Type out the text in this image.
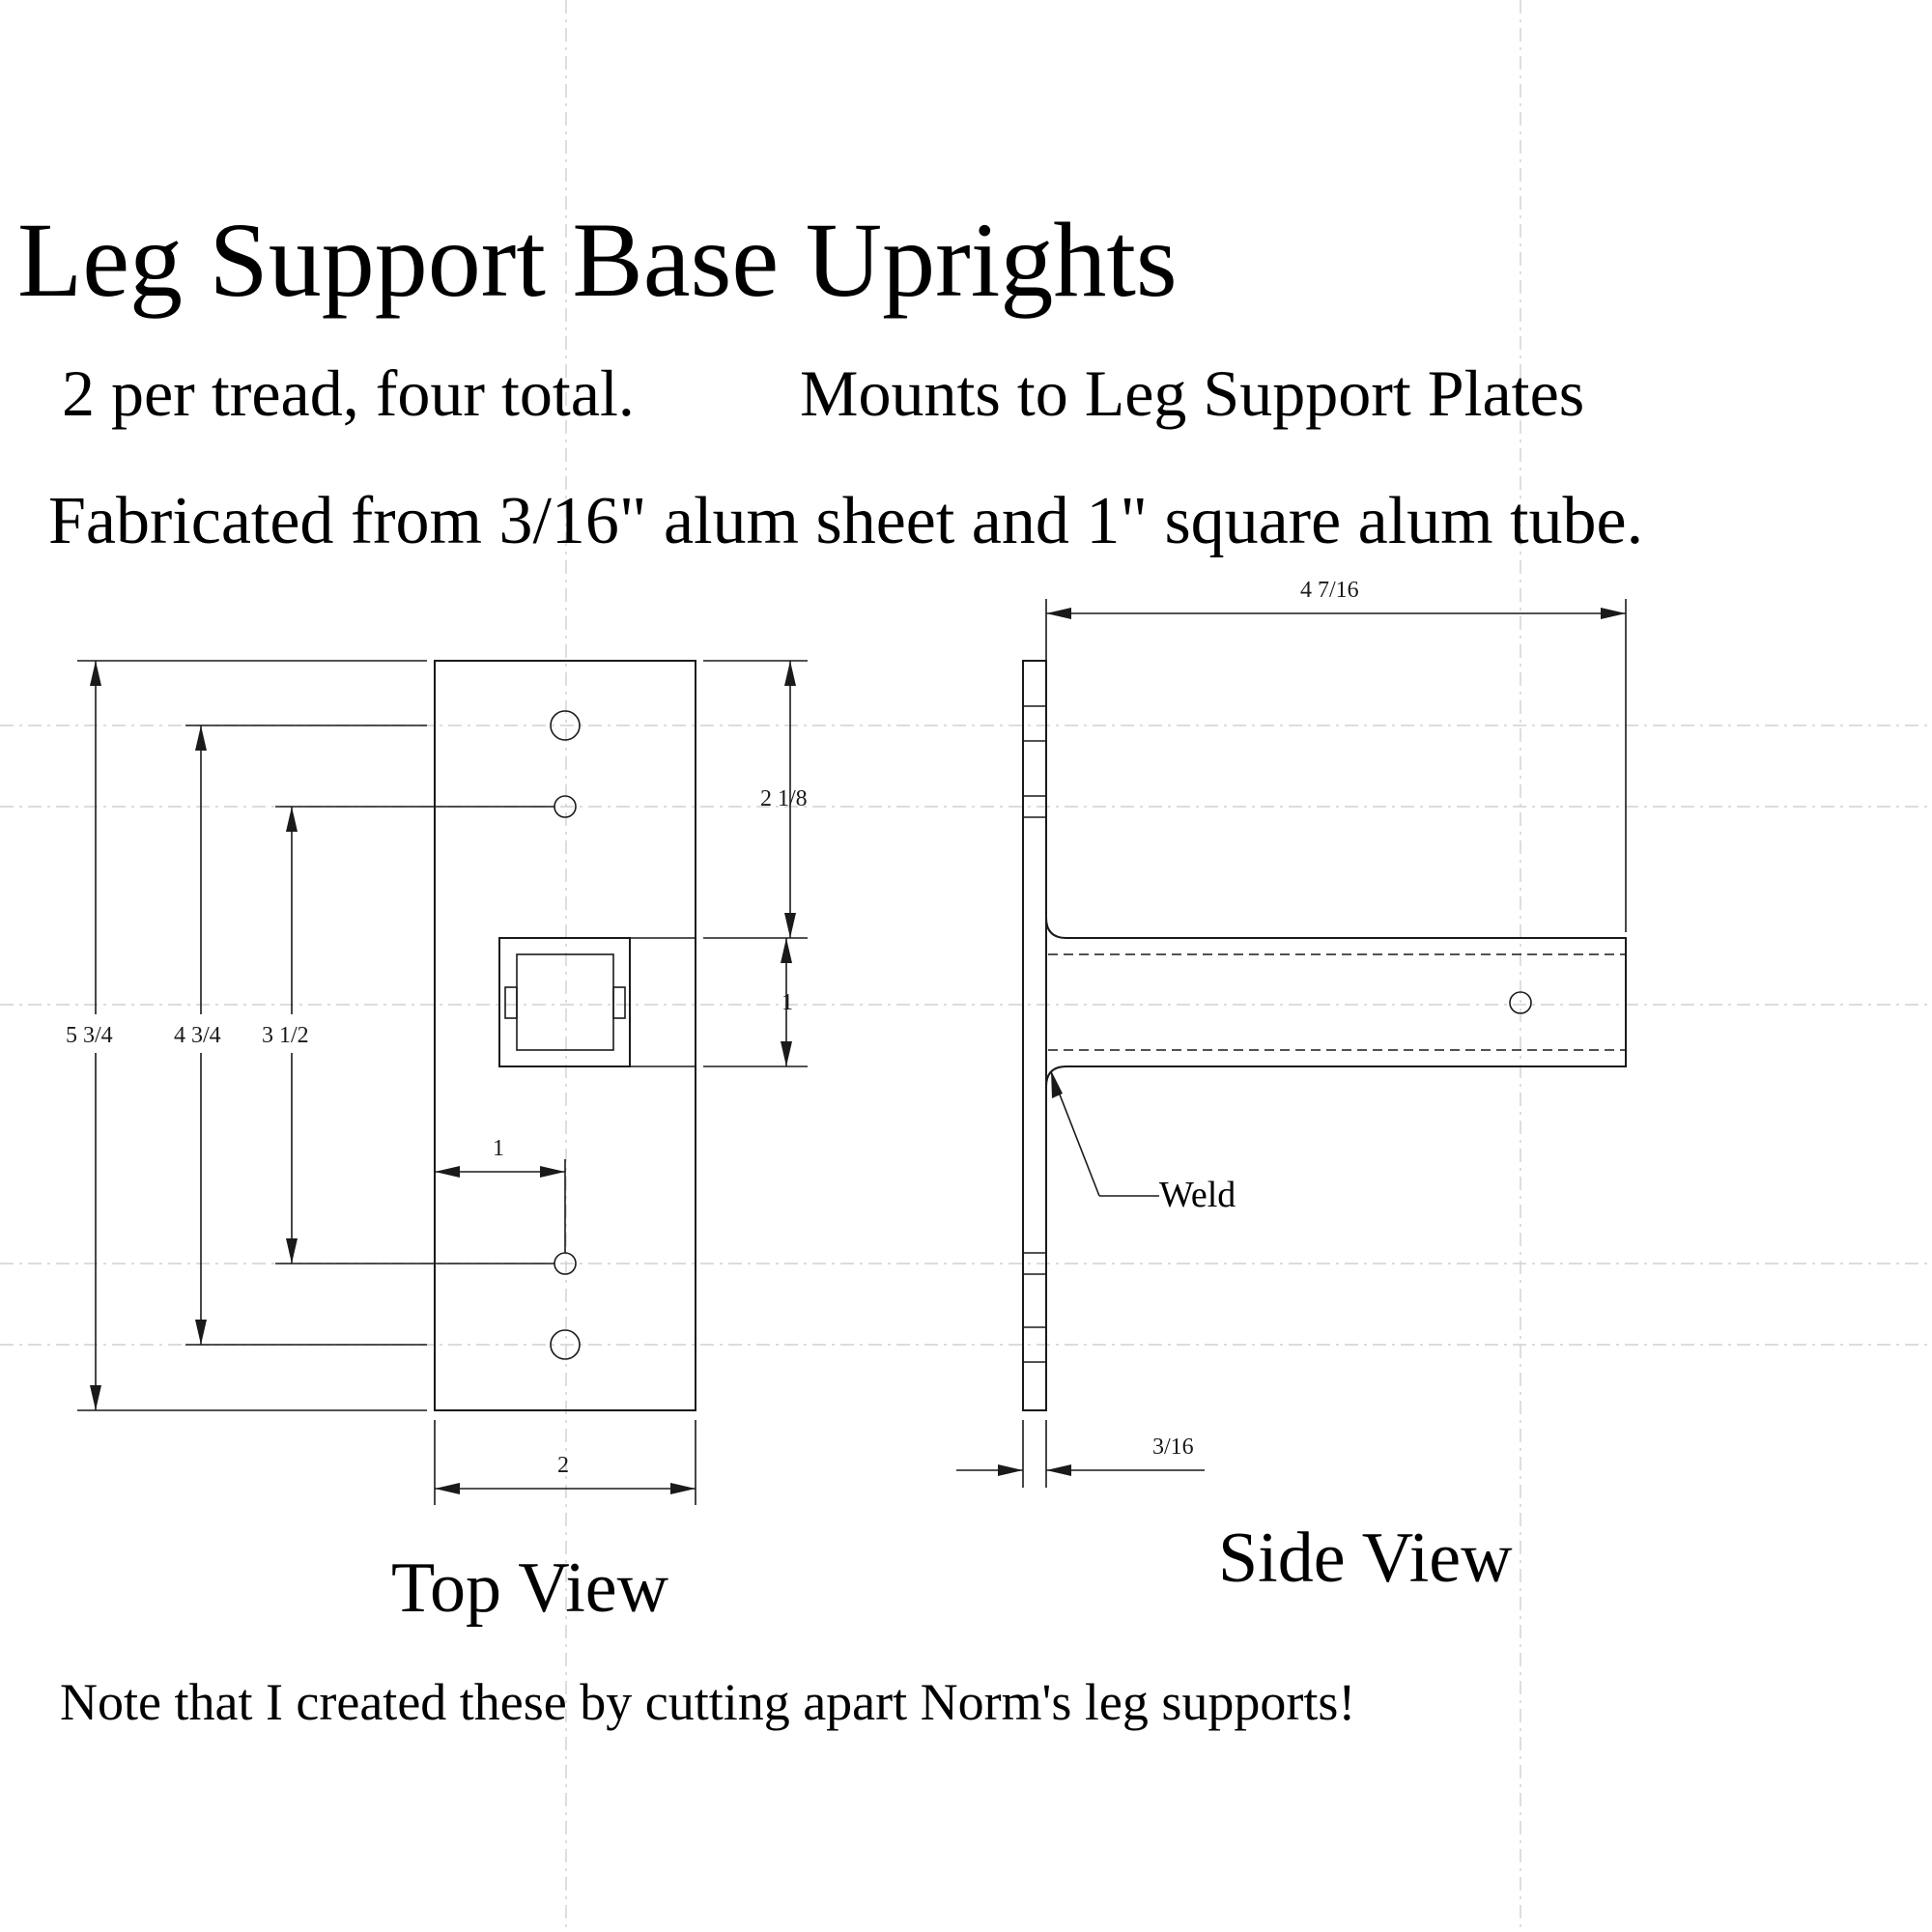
Leg Support Base Uprights
2 per tread, four total.	Mounts to Leg Support Plates
Fabricated from 3/16" alum sheet and 1" square alum tube.
5 3/4	4 3/4 3 1/2
2 1/8
1
1
2
Top View
4 7/16
Weld
3/16
Side View
Note that I created these by cutting apart Norm's leg supports!
